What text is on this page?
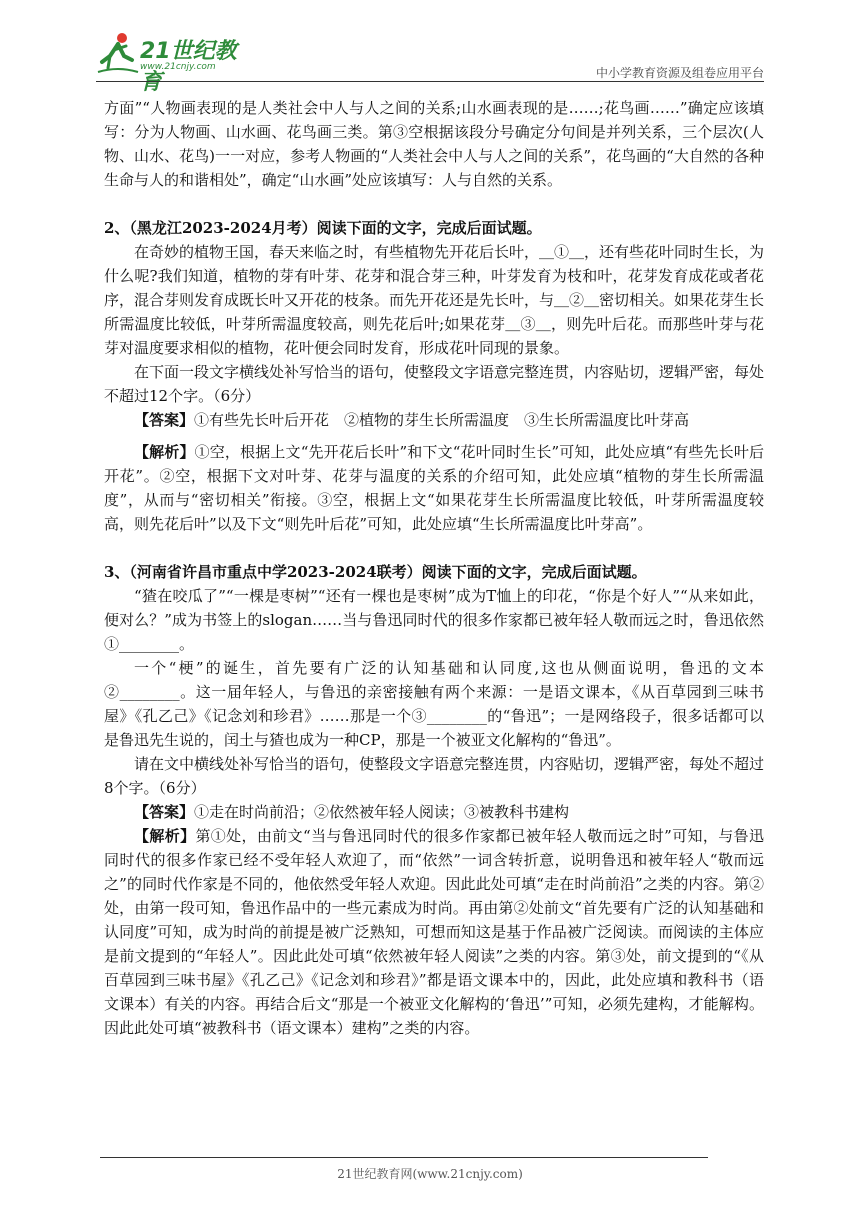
21世纪教育
www.21cnjy.com	中小学教育资源及组卷应用平台

方面”“人物画表现的是人类社会中人与人之间的关系;山水画表现的是……;花鸟画……”确定应该填写：分为人物画、山水画、花鸟画三类。第③空根据该段分号确定分句间是并列关系，三个层次(人物、山水、花鸟)一一对应，参考人物画的“人类社会中人与人之间的关系”，花鸟画的“大自然的各种生命与人的和谐相处”，确定“山水画”处应该填写：人与自然的关系。

2、（黑龙江2023-2024月考）阅读下面的文字，完成后面试题。

在奇妙的植物王国，春天来临之时，有些植物先开花后长叶，＿①＿，还有些花叶同时生长，为什么呢?我们知道，植物的芽有叶芽、花芽和混合芽三种，叶芽发育为枝和叶，花芽发育成花或者花序，混合芽则发育成既长叶又开花的枝条。而先开花还是先长叶，与＿②＿密切相关。如果花芽生长所需温度比较低，叶芽所需温度较高，则先花后叶;如果花芽＿③＿，则先叶后花。而那些叶芽与花芽对温度要求相似的植物，花叶便会同时发育，形成花叶同现的景象。

在下面一段文字横线处补写恰当的语句，使整段文字语意完整连贯，内容贴切，逻辑严密，每处不超过12个字。（6分）

【答案】①有些先长叶后开花　②植物的芽生长所需温度　③生长所需温度比叶芽高

【解析】①空，根据上文“先开花后长叶”和下文“花叶同时生长”可知，此处应填“有些先长叶后开花”。②空，根据下文对叶芽、花芽与温度的关系的介绍可知，此处应填“植物的芽生长所需温度”，从而与“密切相关”衔接。③空，根据上文“如果花芽生长所需温度比较低，叶芽所需温度较高，则先花后叶”以及下文“则先叶后花”可知，此处应填“生长所需温度比叶芽高”。

3、（河南省许昌市重点中学2023-2024联考）阅读下面的文字，完成后面试题。

“猹在咬瓜了”“一棵是枣树”“还有一棵也是枣树”成为T恤上的印花，“你是个好人”“从来如此，便对么？”成为书签上的slogan……当与鲁迅同时代的很多作家都已被年轻人敬而远之时，鲁迅依然①________。

一个“梗”的诞生，首先要有广泛的认知基础和认同度,这也从侧面说明，鲁迅的文本②________。这一届年轻人，与鲁迅的亲密接触有两个来源：一是语文课本，《从百草园到三味书屋》《孔乙己》《记念刘和珍君》……那是一个③________的“鲁迅”；一是网络段子，很多话都可以是鲁迅先生说的，闰土与猹也成为一种CP，那是一个被亚文化解构的“鲁迅”。

请在文中横线处补写恰当的语句，使整段文字语意完整连贯，内容贴切，逻辑严密，每处不超过8个字。（6分）

【答案】①走在时尚前沿；②依然被年轻人阅读；③被教科书建构

【解析】第①处，由前文“当与鲁迅同时代的很多作家都已被年轻人敬而远之时”可知，与鲁迅同时代的很多作家已经不受年轻人欢迎了，而“依然”一词含转折意，说明鲁迅和被年轻人“敬而远之”的同时代作家是不同的，他依然受年轻人欢迎。因此此处可填“走在时尚前沿”之类的内容。第②处，由第一段可知，鲁迅作品中的一些元素成为时尚。再由第②处前文“首先要有广泛的认知基础和认同度”可知，成为时尚的前提是被广泛熟知，可想而知这是基于作品被广泛阅读。而阅读的主体应是前文提到的“年轻人”。因此此处可填“依然被年轻人阅读”之类的内容。第③处，前文提到的“《从百草园到三味书屋》《孔乙己》《记念刘和珍君》”都是语文课本中的，因此，此处应填和教科书（语文课本）有关的内容。再结合后文“那是一个被亚文化解构的‘鲁迅’”可知，必须先建构，才能解构。因此此处可填“被教科书（语文课本）建构”之类的内容。

21世纪教育网(www.21cnjy.com)
